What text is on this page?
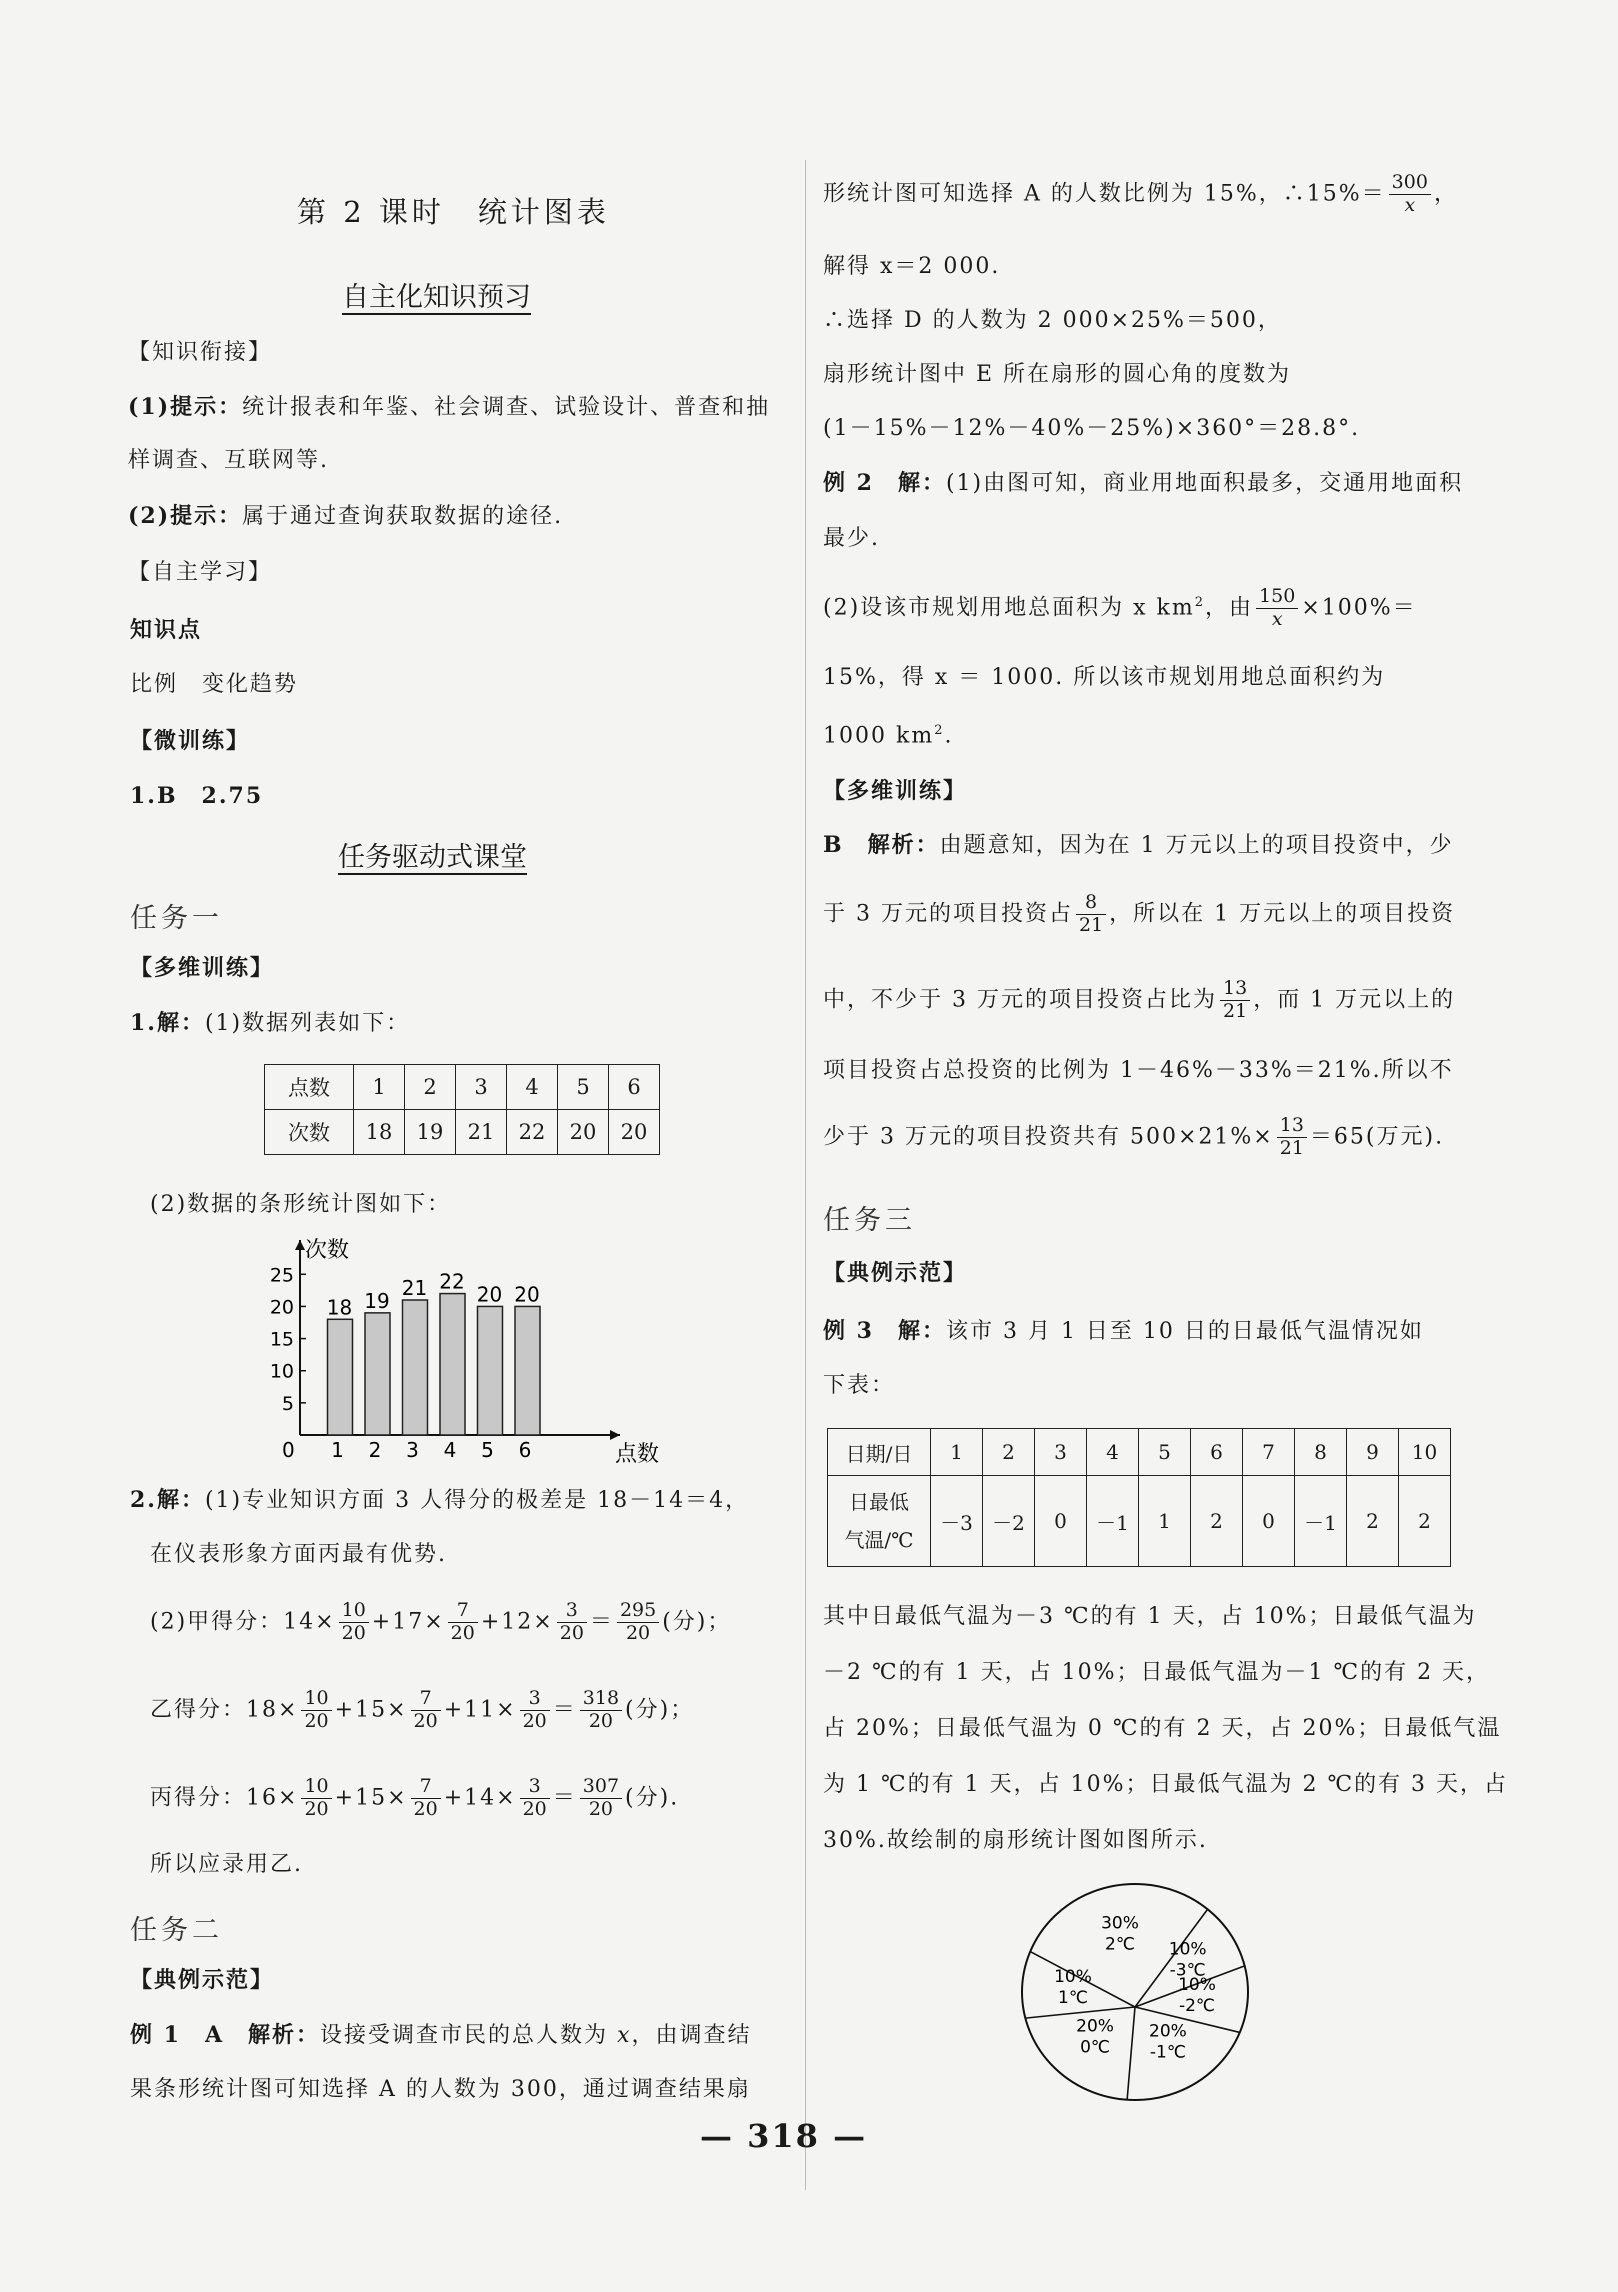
第 2 课时　统计图表
自主化知识预习
【知识衔接】
(1)提示：统计报表和年鉴、社会调查、试验设计、普查和抽
样调查、互联网等.
(2)提示：属于通过查询获取数据的途径.
【自主学习】
知识点
比例　变化趋势
【微训练】
1.B　2.75
任务驱动式课堂
任务一
【多维训练】
1.解：(1)数据列表如下：
点数	1	2	3	4	5	6
次数	18	19	21	22	20	20
(2)数据的条形统计图如下：
0
次数
点数
5
10
15
20
25
18
1
19
2
21
3
22
4
20
5
20
6
2.解：(1)专业知识方面 3 人得分的极差是 18－14＝4，
在仪表形象方面丙最有优势.
(2)甲得分：$14\times \frac{10}{20} +17\times \frac{7}{20} +12\times \frac{3}{20} = \frac{295}{20}$ (分)；
乙得分：$18\times \frac{10}{20} +15\times \frac{7}{20} +11\times \frac{3}{20} = \frac{318}{20}$ (分)；
丙得分：$16\times \frac{10}{20} +15\times \frac{7}{20} +14\times \frac{3}{20} = \frac{307}{20}$ (分).
所以应录用乙.
任务二
【典例示范】
例 1　A　解析：设接受调查市民的总人数为 x，由调查结
果条形统计图可知选择 A 的人数为 300，通过调查结果扇
形统计图可知选择 A 的人数比例为 15%，∴15%＝ $\frac{300}{x}$ ，
解得 x＝2 000.
∴选择 D 的人数为 2 000×25%＝500，
扇形统计图中 E 所在扇形的圆心角的度数为
(1－15%－12%－40%－25%)×360°＝28.8°.
例 2　解：(1)由图可知，商业用地面积最多，交通用地面积
最少.
(2)设该市规划用地总面积为 x $km^2$，由 $\frac{150}{x} \times 100\%=$
15%，得 x ＝ 1000. 所以该市规划用地总面积约为
1000 $km^2$.
【多维训练】
B　解析：由题意知，因为在 1 万元以上的项目投资中，少
于 3 万元的项目投资占 $\frac{8}{21}$ ，所以在 1 万元以上的项目投资
中，不少于 3 万元的项目投资占比为 $\frac{13}{21}$ ，而 1 万元以上的
项目投资占总投资的比例为 1－46%－33%＝21%.所以不
少于 3 万元的项目投资共有 $500\times 21\%\times \frac{13}{21} =65$(万元).
任务三
【典例示范】
例 3　解：该市 3 月 1 日至 10 日的日最低气温情况如
下表：
日期/日	1	2	3	4	5	6	7	8	9	10
日最低
气温/℃	－3	－2	0	－1	1	2	0	－1	2	2
其中日最低气温为－3 ℃的有 1 天，占 10%；日最低气温为
－2 ℃的有 1 天，占 10%；日最低气温为－1 ℃的有 2 天，
占 20%；日最低气温为 0 ℃的有 2 天，占 20%；日最低气温
为 1 ℃的有 1 天，占 10%；日最低气温为 2 ℃的有 3 天，占
30%.故绘制的扇形统计图如图所示.
30%
2℃ 10%
-3℃
10%
-2℃
20%
-1℃
20%
0℃
10%
1℃
— 318 —
